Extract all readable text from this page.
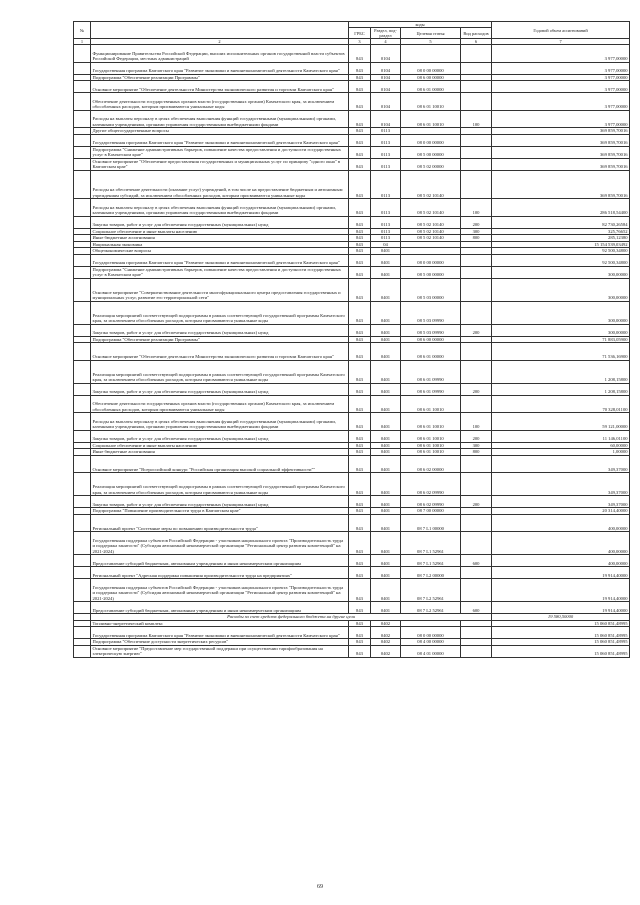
№		коды				Годовой объем ассигнований
		ГРБС	Раздел, под-раздел	Целевая статья	Вид расходов	
1	2	3	4	5	6	7
	Функционирование Правительства Российской Федерации, высших исполнительных органов государственной власти субъектов Российской Федерации, местных администраций	843	0104			3 977,00000
	Государственная программа Камчатского края "Развитие экономики и внешнеэкономической деятельности Камчатского края"	843	0104	08 0 00 00000		3 977,00000
	Подпрограмма "Обеспечение реализации Программы"	843	0104	08 6 00 00000		3 977,00000
	Основное мероприятие "Обеспечение деятельности Министерства экономического развития и торговли Камчатского края"	843	0104	08 6 01 00000		3 977,00000
	Обеспечение деятельности государственных органов власти (государственных органов) Камчатского края, за исключением обособленных расходов, которым присваиваются уникальные коды	843	0104	08 6 01 10010		3 977,00000
	Расходы на выплаты персоналу в целях обеспечения выполнения функций государственными (муниципальными) органами, казенными учреждениями, органами управления государственными внебюджетными фондами	843	0104	08 6 01 10010	100	3 977,00000
	Другие общегосударственные вопросы	843	0113			369 859,70016
	Государственная программа Камчатского края "Развитие экономики и внешнеэкономической деятельности Камчатского края"	843	0113	08 0 00 00000		369 859,70016
	Подпрограмма "Снижение административных барьеров, повышение качества предоставления и доступности государственных услуг в Камчатском крае"	843	0113	08 5 00 00000		369 859,70016
	Основное мероприятие "Обеспечение предоставления государственных и муниципальных услуг по принципу "одного окна" в Камчатском крае"	843	0113	08 5 02 00000		369 859,70016
	Расходы на обеспечение деятельности (оказание услуг) учреждений, в том числе на предоставление бюджетным и автономным учреждениям субсидий, за исключением обособленных расходов, которым присваиваются уникальные коды	843	0113	08 5 02 10140		369 859,70016
	Расходы на выплаты персоналу в целях обеспечения выполнения функций государственными (муниципальными) органами, казенными учреждениями, органами управления государственными внебюджетными фондами	843	0113	08 5 02 10140	100	286 518,54400
	Закупка товаров, работ и услуг для обеспечения государственных (муниципальных) нужд	843	0113	08 5 02 10140	200	82 730,26584
	Социальное обеспечение и иные выплаты населению	843	0113	08 5 02 10140	300	325,76652
	Иные бюджетные ассигнования	843	0113	08 5 02 10140	800	285,12380
	Национальная экономика	843	04			15 154 539,03492
	Общеэкономические вопросы	843	0401			92 500,34800
	Государственная программа Камчатского края "Развитие экономики и внешнеэкономической деятельности Камчатского края"	843	0401	08 0 00 00000		92 500,34800
	Подпрограмма "Снижение административных барьеров, повышение качества предоставления и доступности государственных услуг в Камчатском крае"	843	0401	08 5 00 00000		300,00000
	Основное мероприятие "Совершенствование деятельности многофункционального центра предоставления государственных и муниципальных услуг, развитие его территориальной сети"	843	0401	08 5 03 00000		300,00000
	Реализация мероприятий соответствующей подпрограммы в рамках соответствующей государственной программы Камчатского края, за исключением обособленных расходов, которым присваиваются уникальные коды	843	0401	08 5 03 09990		300,00000
	Закупка товаров, работ и услуг для обеспечения государственных (муниципальных) нужд	843	0401	08 5 03 09990	200	300,00000
	Подпрограмма "Обеспечение реализации Программы"	843	0401	08 6 00 00000		71 883,05900
	Основное мероприятие "Обеспечение деятельности Министерства экономического развития и торговли Камчатского края"	843	0401	08 6 01 00000		71 536,16900
	Реализация мероприятий соответствующей подпрограммы в рамках соответствующей государственной программы Камчатского края, за исключением обособленных расходов, которым присваиваются уникальные коды	843	0401	08 6 01 09990		1 208,15800
	Закупка товаров, работ и услуг для обеспечения государственных (муниципальных) нужд	843	0401	08 6 01 09990	200	1 208,15800
	Обеспечение деятельности государственных органов власти (государственных органов) Камчатского края, за исключением обособленных расходов, которым присваиваются уникальные коды	843	0401	08 6 01 10010		70 328,01100
	Расходы на выплаты персоналу в целях обеспечения выполнения функций государственными (муниципальными) органами, казенными учреждениями, органами управления государственными внебюджетными фондами	843	0401	08 6 01 10010	100	59 121,00000
	Закупка товаров, работ и услуг для обеспечения государственных (муниципальных) нужд	843	0401	08 6 01 10010	200	11 146,01100
	Социальное обеспечение и иные выплаты населению	843	0401	08 6 01 10010	300	60,00000
	Иные бюджетные ассигнования	843	0401	08 6 01 10010	800	1,00000
	Основное мероприятие "Всероссийский конкурс "Российская организация высокой социальной эффективности""	843	0401	08 6 02 00000		349,37000
	Реализация мероприятий соответствующей подпрограммы в рамках соответствующей государственной программы Камчатского края, за исключением обособленных расходов, которым присваиваются уникальные коды	843	0401	08 6 02 09990		349,37000
	Закупка товаров, работ и услуг для обеспечения государственных (муниципальных) нужд	843	0401	08 6 02 09990	200	349,37000
	Подпрограмма "Повышение производительности труда в Камчатском крае"	843	0401	08 7 00 00000		20 314,40000
	Региональный проект "Системные меры по повышению производительности труда"	843	0401	08 7 L1 00000		400,00000
	Государственная поддержка субъектов Российской Федерации - участников национального проекта "Производительность труда и поддержка занятости" (Субсидия автономной некоммерческой организации "Региональный центр развития компетенций" на 2021-2024)	843	0401	08 7 L1 52961		400,00000
	Предоставление субсидий бюджетным, автономным учреждениям и иным некоммерческим организациям	843	0401	08 7 L1 52961	600	400,00000
	Региональный проект "Адресная поддержка повышения производительности труда на предприятиях"	843	0401	08 7 L2 00000		19 914,40000
	Государственная поддержка субъектов Российской Федерации - участников национального проекта "Производительность труда и поддержка занятости" (Субсидия автономной некоммерческой организации "Региональный центр развития компетенций" на 2021-2024)	843	0401	08 7 L2 52961		19 914,40000
	Предоставление субсидий бюджетным, автономным учреждениям и иным некоммерческим организациям	843	0401	08 7 L2 52961	600	19 914,40000
	Расходы за счет средств федерального бюджета на другие цели					19 580,50000
	Топливно-энергетический комплекс	843	0402			15 060 851,48995
	Государственная программа Камчатского края "Развитие экономики и внешнеэкономической деятельности Камчатского края"	843	0402	08 0 00 00000		15 060 851,48995
	Подпрограмма "Обеспечение доступности энергетических ресурсов"	843	0402	08 4 00 00000		15 060 851,48995
	Основное мероприятие "Предоставление мер государственной поддержки при осуществлении тарифообразования на электрическую энергию"	843	0402	08 4 01 00000		15 060 851,48995
69
